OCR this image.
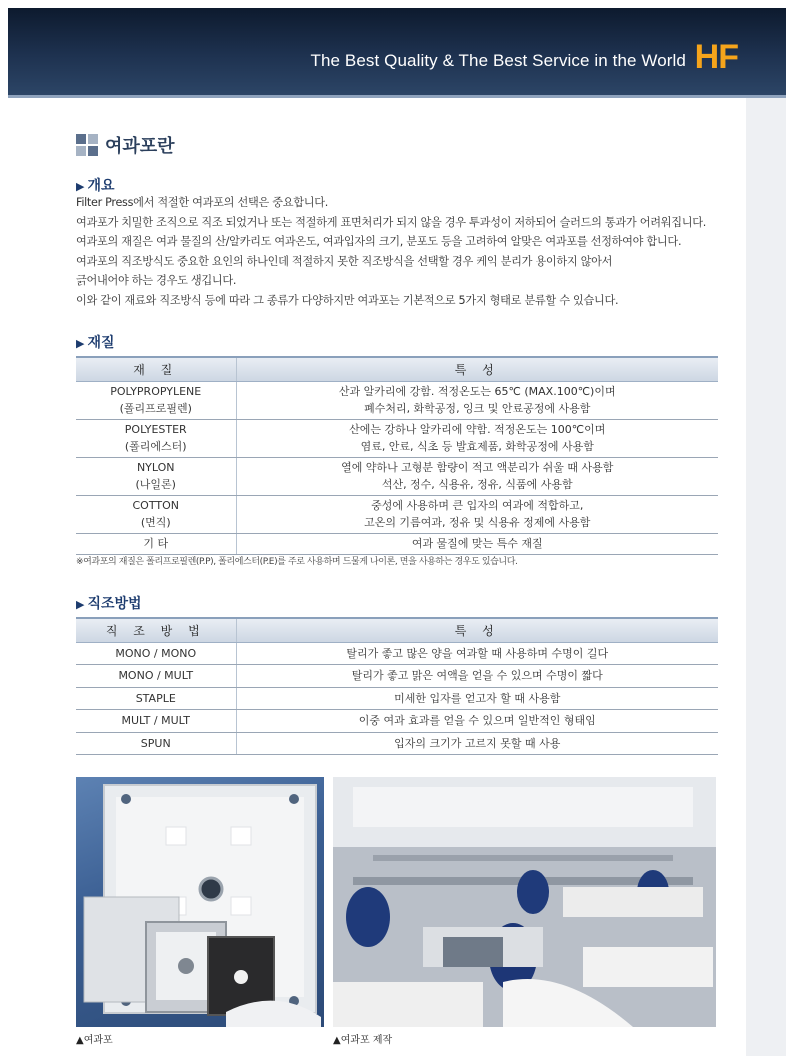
The Best Quality & The Best Service in the World HF
여과포란
▶ 개요

Filter Press에서 적절한 여과포의 선택은 중요합니다.

여과포가 치밀한 조직으로 직조 되었거나 또는 적절하게 표면처리가 되지 않을 경우 투과성이 저하되어 슬러드의 통과가 어려워집니다.

여과포의 재질은 여과 물질의 산/알카리도 여과온도, 여과입자의 크기, 분포도 등을 고려하여 알맞은 여과포를 선정하여야 합니다.

여과포의 직조방식도 중요한 요인의 하나인데 적절하지 못한 직조방식을 선택할 경우 케익 분리가 용이하지 않아서

긁어내어야 하는 경우도 생깁니다.

이와 같이 재료와 직조방식 등에 따라 그 종류가 다양하지만 여과포는 기본적으로 5가지 형태로 분류할 수 있습니다.

▶ 재질
재 질	특 성
POLYPROPYLENE
(폴리프로필렌)	산과 알카리에 강함. 적정온도는 65℃ (MAX.100℃)이며
폐수처리, 화학공정, 잉크 및 안료공정에 사용함
POLYESTER
(폴리에스터)	산에는 강하나 알카리에 약함. 적정온도는 100℃이며
염료, 안료, 식초 등 발효제품, 화학공정에 사용함
NYLON
(나일론)	열에 약하나 고형분 함량이 적고 액분리가 쉬울 때 사용함
석산, 정수, 식용유, 정유, 식품에 사용함
COTTON
(면직)	중성에 사용하며 큰 입자의 여과에 적합하고,
고온의 기름여과, 정유 및 식용유 정제에 사용함
기 타	여과 물질에 맞는 특수 재질
※여과포의 재질은 폴리프로필렌(P.P), 폴리에스터(P.E)를 주로 사용하며 드물게 나이론, 면을 사용하는 경우도 있습니다.
▶ 직조방법
직 조 방 법	특 성
MONO / MONO	탈리가 좋고 많은 양을 여과할 때 사용하며 수명이 길다
MONO / MULT	탈리가 좋고 맑은 여액을 얻을 수 있으며 수명이 짧다
STAPLE	미세한 입자를 얻고자 할 때 사용함
MULT / MULT	이중 여과 효과를 얻을 수 있으며 일반적인 형태임
SPUN	입자의 크기가 고르지 못할 때 사용
▲여과포	▲여과포 제작
